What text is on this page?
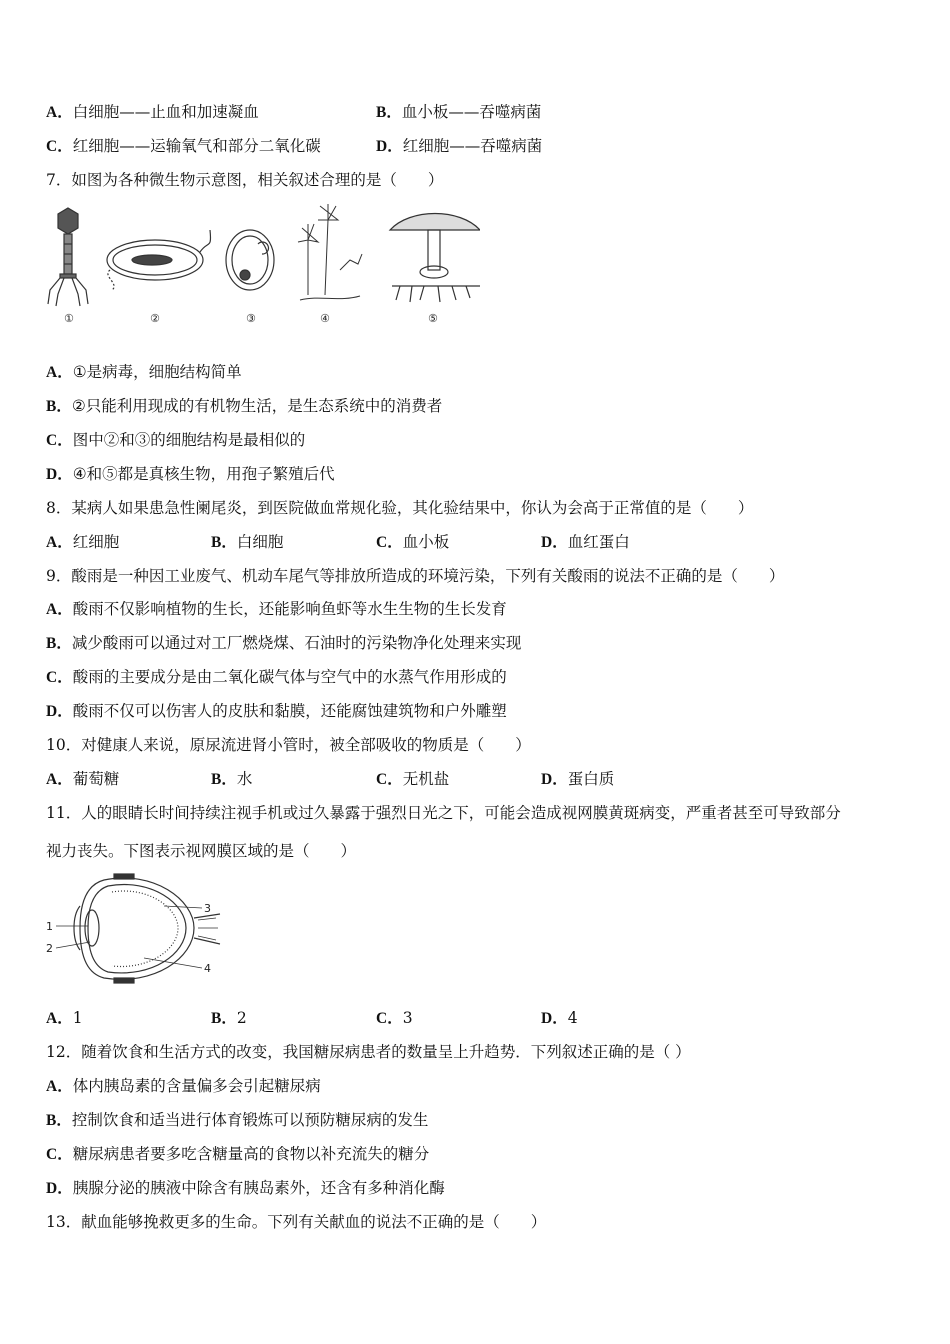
A．白细胞——止血和加速凝血	B．血小板——吞噬病菌
C．红细胞——运输氧气和部分二氧化碳	D．红细胞——吞噬病菌
7．如图为各种微生物示意图，相关叙述合理的是（　　）
①	②	③	④	⑤
A．①是病毒，细胞结构简单
B．②只能利用现成的有机物生活，是生态系统中的消费者
C．图中②和③的细胞结构是最相似的
D．④和⑤都是真核生物，用孢子繁殖后代
8．某病人如果患急性阑尾炎，到医院做血常规化验，其化验结果中，你认为会高于正常值的是（　　）
A．红细胞	B．白细胞	C．血小板	D．血红蛋白
9．酸雨是一种因工业废气、机动车尾气等排放所造成的环境污染，下列有关酸雨的说法不正确的是（　　）
A．酸雨不仅影响植物的生长，还能影响鱼虾等水生生物的生长发育
B．减少酸雨可以通过对工厂燃烧煤、石油时的污染物净化处理来实现
C．酸雨的主要成分是由二氧化碳气体与空气中的水蒸气作用形成的
D．酸雨不仅可以伤害人的皮肤和黏膜，还能腐蚀建筑物和户外雕塑
10．对健康人来说，原尿流进肾小管时，被全部吸收的物质是（　　）
A．葡萄糖	B．水	C．无机盐	D．蛋白质
11．人的眼睛长时间持续注视手机或过久暴露于强烈日光之下，可能会造成视网膜黄斑病变，严重者甚至可导致部分
视力丧失。下图表示视网膜区域的是（　　）
1
2
3
4
A．1	B．2	C．3	D．4
12．随着饮食和生活方式的改变，我国糖尿病患者的数量呈上升趋势．下列叙述正确的是（ ）
A．体内胰岛素的含量偏多会引起糖尿病
B．控制饮食和适当进行体育锻炼可以预防糖尿病的发生
C．糖尿病患者要多吃含糖量高的食物以补充流失的糖分
D．胰腺分泌的胰液中除含有胰岛素外，还含有多种消化酶
13．献血能够挽救更多的生命。下列有关献血的说法不正确的是（　　）
